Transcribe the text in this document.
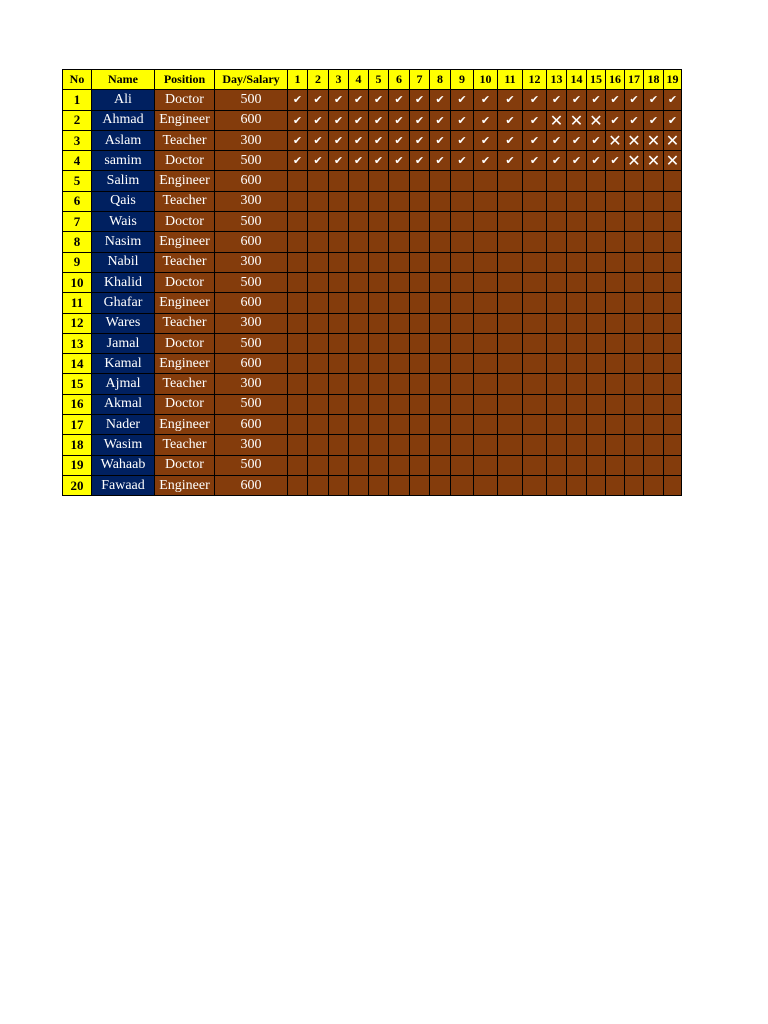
No	Name	Position	Day/Salary	1	2	3	4	5	6	7	8	9	10	11	12	13	14	15	16	17	18	19
1	Ali	Doctor	500	✔	✔	✔	✔	✔	✔	✔	✔	✔	✔	✔	✔	✔	✔	✔	✔	✔	✔	✔
2	Ahmad	Engineer	600	✔	✔	✔	✔	✔	✔	✔	✔	✔	✔	✔	✔	✕	✕	✕	✔	✔	✔	✔
3	Aslam	Teacher	300	✔	✔	✔	✔	✔	✔	✔	✔	✔	✔	✔	✔	✔	✔	✔	✕	✕	✕	✕
4	samim	Doctor	500	✔	✔	✔	✔	✔	✔	✔	✔	✔	✔	✔	✔	✔	✔	✔	✔	✕	✕	✕
5	Salim	Engineer	600																			
6	Qais	Teacher	300																			
7	Wais	Doctor	500																			
8	Nasim	Engineer	600																			
9	Nabil	Teacher	300																			
10	Khalid	Doctor	500																			
11	Ghafar	Engineer	600																			
12	Wares	Teacher	300																			
13	Jamal	Doctor	500																			
14	Kamal	Engineer	600																			
15	Ajmal	Teacher	300																			
16	Akmal	Doctor	500																			
17	Nader	Engineer	600																			
18	Wasim	Teacher	300																			
19	Wahaab	Doctor	500																			
20	Fawaad	Engineer	600																			
